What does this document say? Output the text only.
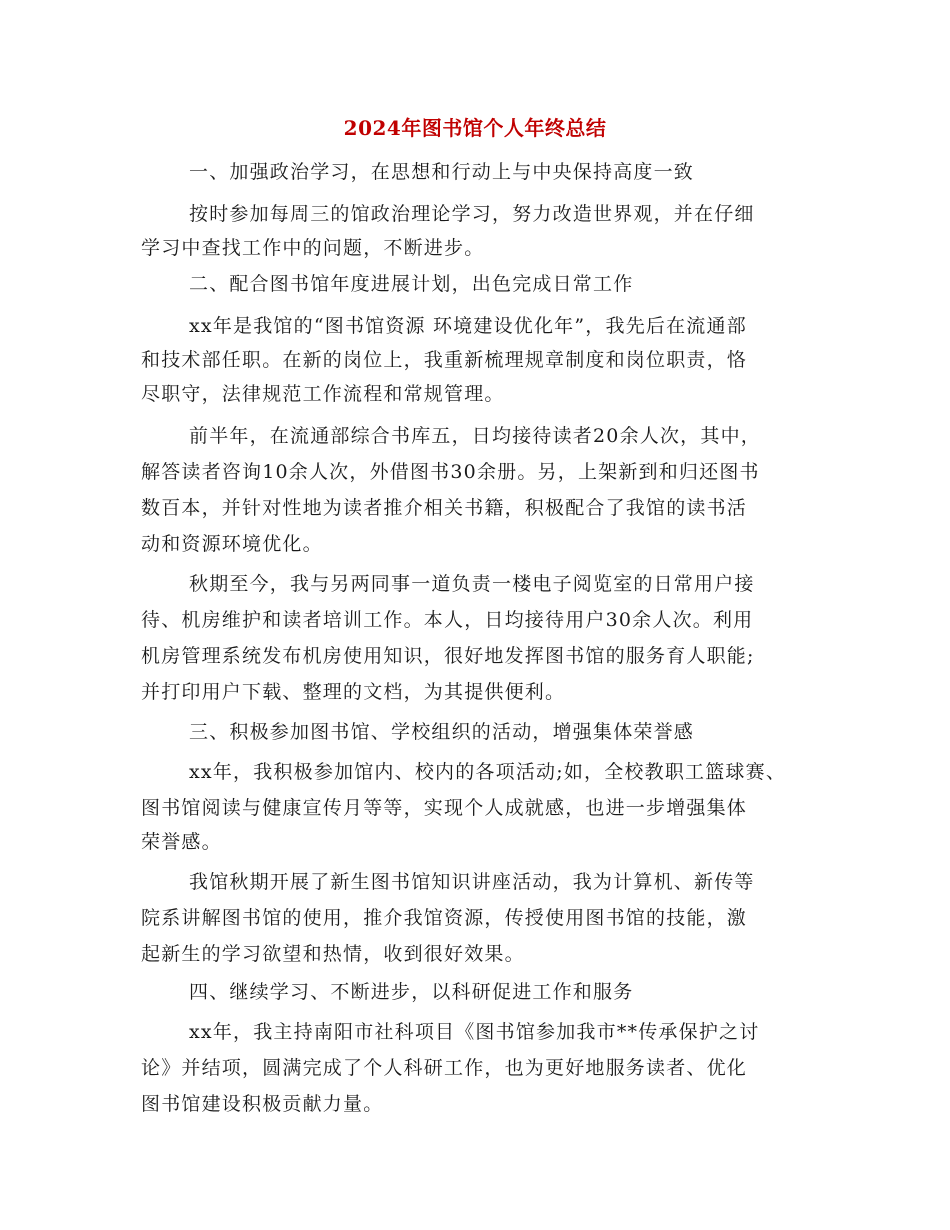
2024年图书馆个人年终总结
一、加强政治学习，在思想和行动上与中央保持高度一致
按时参加每周三的馆政治理论学习，努力改造世界观，并在仔细
学习中查找工作中的问题，不断进步。
二、配合图书馆年度进展计划，出色完成日常工作
xx年是我馆的“图书馆资源 环境建设优化年”，我先后在流通部
和技术部任职。在新的岗位上，我重新梳理规章制度和岗位职责，恪
尽职守，法律规范工作流程和常规管理。
前半年，在流通部综合书库五，日均接待读者20余人次，其中，
解答读者咨询10余人次，外借图书30余册。另，上架新到和归还图书
数百本，并针对性地为读者推介相关书籍，积极配合了我馆的读书活
动和资源环境优化。
秋期至今，我与另两同事一道负责一楼电子阅览室的日常用户接
待、机房维护和读者培训工作。本人，日均接待用户30余人次。利用
机房管理系统发布机房使用知识，很好地发挥图书馆的服务育人职能;
并打印用户下载、整理的文档，为其提供便利。
三、积极参加图书馆、学校组织的活动，增强集体荣誉感
xx年，我积极参加馆内、校内的各项活动;如，全校教职工篮球赛、
图书馆阅读与健康宣传月等等，实现个人成就感，也进一步增强集体
荣誉感。
我馆秋期开展了新生图书馆知识讲座活动，我为计算机、新传等
院系讲解图书馆的使用，推介我馆资源，传授使用图书馆的技能，激
起新生的学习欲望和热情，收到很好效果。
四、继续学习、不断进步，以科研促进工作和服务
xx年，我主持南阳市社科项目《图书馆参加我市**传承保护之讨
论》并结项，圆满完成了个人科研工作，也为更好地服务读者、优化
图书馆建设积极贡献力量。
